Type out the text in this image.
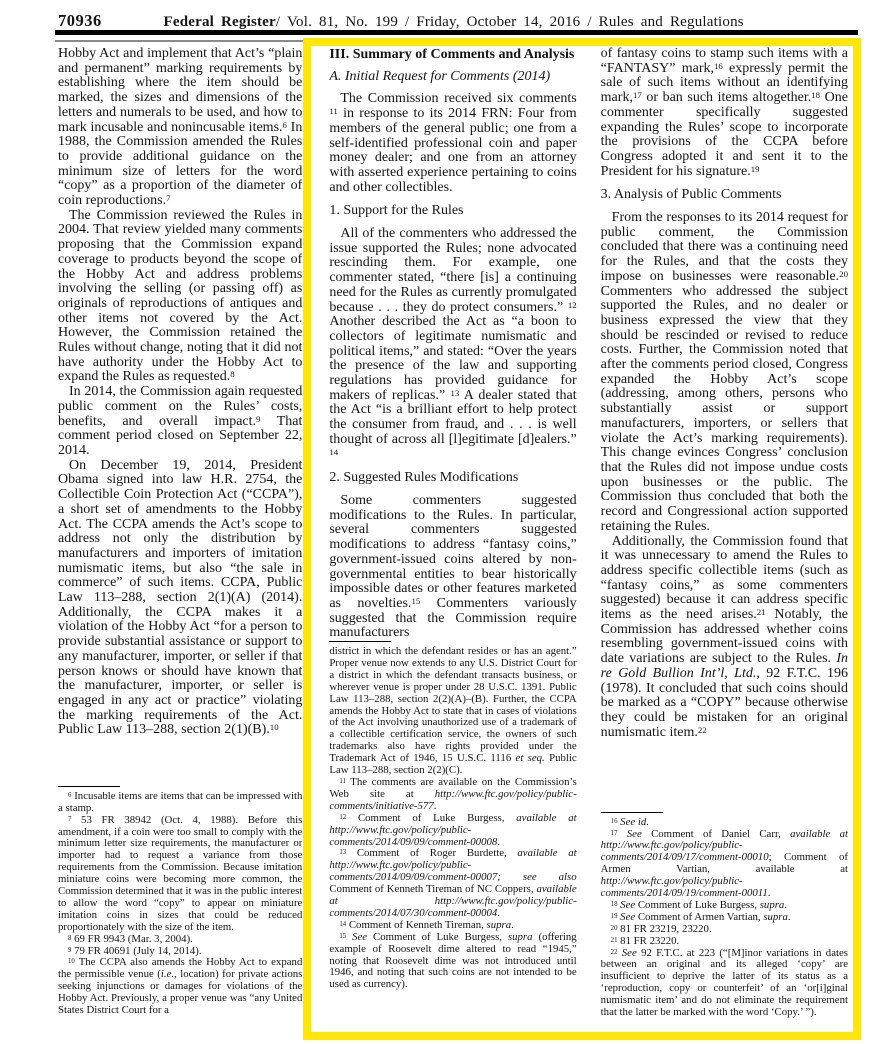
70936	Federal Register/ Vol. 81, No. 199 / Friday, October 14, 2016 / Rules and Regulations
Hobby Act and implement that Act’s “plain and permanent” marking requirements by establishing where the item should be marked, the sizes and dimensions of the letters and numerals to be used, and how to mark incusable and nonincusable items.$^6$ In 1988, the Commission amended the Rules to provide additional guidance on the minimum size of letters for the word “copy” as a proportion of the diameter of coin reproductions.$^7$
The Commission reviewed the Rules in 2004. That review yielded many comments proposing that the Commission expand coverage to products beyond the scope of the Hobby Act and address problems involving the selling (or passing off) as originals of reproductions of antiques and other items not covered by the Act. However, the Commission retained the Rules without change, noting that it did not have authority under the Hobby Act to expand the Rules as requested.$^8$
In 2014, the Commission again requested public comment on the Rules’ costs, benefits, and overall impact.$^9$ That comment period closed on September 22, 2014.
On December 19, 2014, President Obama signed into law H.R. 2754, the Collectible Coin Protection Act (“CCPA”), a short set of amendments to the Hobby Act. The CCPA amends the Act’s scope to address not only the distribution by manufacturers and importers of imitation numismatic items, but also “the sale in commerce” of such items. CCPA, Public Law 113–288, section 2(1)(A) (2014). Additionally, the CCPA makes it a violation of the Hobby Act “for a person to provide substantial assistance or support to any manufacturer, importer, or seller if that person knows or should have known that the manufacturer, importer, or seller is engaged in any act or practice” violating the marking requirements of the Act. Public Law 113–288, section 2(1)(B).$^{10}$
$^6$ Incusable items are items that can be impressed with a stamp.
$^7$ 53 FR 38942 (Oct. 4, 1988). Before this amendment, if a coin were too small to comply with the minimum letter size requirements, the manufacturer or importer had to request a variance from those requirements from the Commission. Because imitation miniature coins were becoming more common, the Commission determined that it was in the public interest to allow the word “copy” to appear on miniature imitation coins in sizes that could be reduced proportionately with the size of the item.
$^8$ 69 FR 9943 (Mar. 3, 2004).
$^9$ 79 FR 40691 (July 14, 2014).
$^{10}$ The CCPA also amends the Hobby Act to expand the permissible venue (i.e., location) for private actions seeking injunctions or damages for violations of the Hobby Act. Previously, a proper venue was “any United States District Court for a
III. Summary of Comments and Analysis
A. Initial Request for Comments (2014)
The Commission received six comments $^{11}$ in response to its 2014 FRN: Four from members of the general public; one from a self-identified professional coin and paper money dealer; and one from an attorney with asserted experience pertaining to coins and other collectibles.
1. Support for the Rules
All of the commenters who addressed the issue supported the Rules; none advocated rescinding them. For example, one commenter stated, “there [is] a continuing need for the Rules as currently promulgated because . . . they do protect consumers.” $^{12}$ Another described the Act as “a boon to collectors of legitimate numismatic and political items,” and stated: “Over the years the presence of the law and supporting regulations has provided guidance for makers of replicas.” $^{13}$ A dealer stated that the Act “is a brilliant effort to help protect the consumer from fraud, and . . . is well thought of across all [l]egitimate [d]ealers.” $^{14}$
2. Suggested Rules Modifications
Some commenters suggested modifications to the Rules. In particular, several commenters suggested modifications to address “fantasy coins,” government-issued coins altered by non-governmental entities to bear historically impossible dates or other features marketed as novelties.$^{15}$ Commenters variously suggested that the Commission require manufacturers
district in which the defendant resides or has an agent.” Proper venue now extends to any U.S. District Court for a district in which the defendant transacts business, or wherever venue is proper under 28 U.S.C. 1391. Public Law 113–288, section 2(2)(A)–(B). Further, the CCPA amends the Hobby Act to state that in cases of violations of the Act involving unauthorized use of a trademark of a collectible certification service, the owners of such trademarks also have rights provided under the Trademark Act of 1946, 15 U.S.C. 1116 et seq. Public Law 113–288, section 2(2)(C).
$^{11}$ The comments are available on the Commission’s Web site at http://www.ftc.gov/policy/public-comments/initiative-577.
$^{12}$ Comment of Luke Burgess, available at http://www.ftc.gov/policy/public-comments/2014/09/09/comment-00008.
$^{13}$ Comment of Roger Burdette, available at http://www.ftc.gov/policy/public-comments/2014/09/09/comment-00007; see also Comment of Kenneth Tireman of NC Coppers, available at http://www.ftc.gov/policy/public-comments/2014/07/30/comment-00004.
$^{14}$ Comment of Kenneth Tireman, supra.
$^{15}$ See Comment of Luke Burgess, supra (offering example of Roosevelt dime altered to read “1945,” noting that Roosevelt dime was not introduced until 1946, and noting that such coins are not intended to be used as currency).
of fantasy coins to stamp such items with a “FANTASY” mark,$^{16}$ expressly permit the sale of such items without an identifying mark,$^{17}$ or ban such items altogether.$^{18}$ One commenter specifically suggested expanding the Rules’ scope to incorporate the provisions of the CCPA before Congress adopted it and sent it to the President for his signature.$^{19}$
3. Analysis of Public Comments
From the responses to its 2014 request for public comment, the Commission concluded that there was a continuing need for the Rules, and that the costs they impose on businesses were reasonable.$^{20}$ Commenters who addressed the subject supported the Rules, and no dealer or business expressed the view that they should be rescinded or revised to reduce costs. Further, the Commission noted that after the comments period closed, Congress expanded the Hobby Act’s scope (addressing, among others, persons who substantially assist or support manufacturers, importers, or sellers that violate the Act’s marking requirements). This change evinces Congress’ conclusion that the Rules did not impose undue costs upon businesses or the public. The Commission thus concluded that both the record and Congressional action supported retaining the Rules.
Additionally, the Commission found that it was unnecessary to amend the Rules to address specific collectible items (such as “fantasy coins,” as some commenters suggested) because it can address specific items as the need arises.$^{21}$ Notably, the Commission has addressed whether coins resembling government-issued coins with date variations are subject to the Rules. In re Gold Bullion Int’l, Ltd., 92 F.T.C. 196 (1978). It concluded that such coins should be marked as a “COPY” because otherwise they could be mistaken for an original numismatic item.$^{22}$
$^{16}$ See id.
$^{17}$ See Comment of Daniel Carr, available at http://www.ftc.gov/policy/public-comments/2014/09/17/comment-00010; Comment of Armen Vartian, available at http://www.ftc.gov/policy/public-comments/2014/09/19/comment-00011.
$^{18}$ See Comment of Luke Burgess, supra.
$^{19}$ See Comment of Armen Vartian, supra.
$^{20}$ 81 FR 23219, 23220.
$^{21}$ 81 FR 23220.
$^{22}$ See 92 F.T.C. at 223 (“[M]inor variations in dates between an original and its alleged ‘copy’ are insufficient to deprive the latter of its status as a ‘reproduction, copy or counterfeit’ of an ‘or[i]ginal numismatic item’ and do not eliminate the requirement that the latter be marked with the word ‘Copy.’ ”).
